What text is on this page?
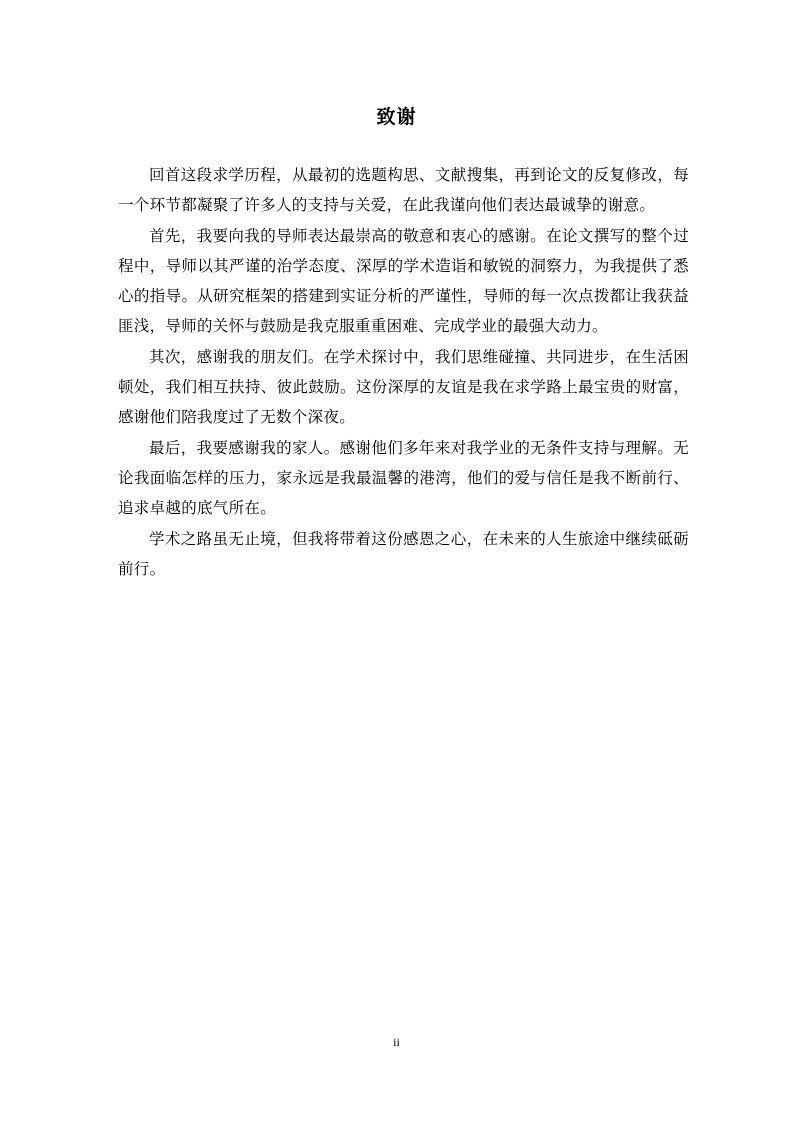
致谢

回首这段求学历程，从最初的选题构思、文献搜集，再到论文的反复修改，每一个环节都凝聚了许多人的支持与关爱，在此我谨向他们表达最诚挚的谢意。

首先，我要向我的导师表达最崇高的敬意和衷心的感谢。在论文撰写的整个过程中，导师以其严谨的治学态度、深厚的学术造诣和敏锐的洞察力，为我提供了悉心的指导。从研究框架的搭建到实证分析的严谨性，导师的每一次点拨都让我获益匪浅，导师的关怀与鼓励是我克服重重困难、完成学业的最强大动力。

其次，感谢我的朋友们。在学术探讨中，我们思维碰撞、共同进步，在生活困顿处，我们相互扶持、彼此鼓励。这份深厚的友谊是我在求学路上最宝贵的财富，感谢他们陪我度过了无数个深夜。

最后，我要感谢我的家人。感谢他们多年来对我学业的无条件支持与理解。无论我面临怎样的压力，家永远是我最温馨的港湾，他们的爱与信任是我不断前行、追求卓越的底气所在。

学术之路虽无止境，但我将带着这份感恩之心，在未来的人生旅途中继续砥砺前行。

ii
